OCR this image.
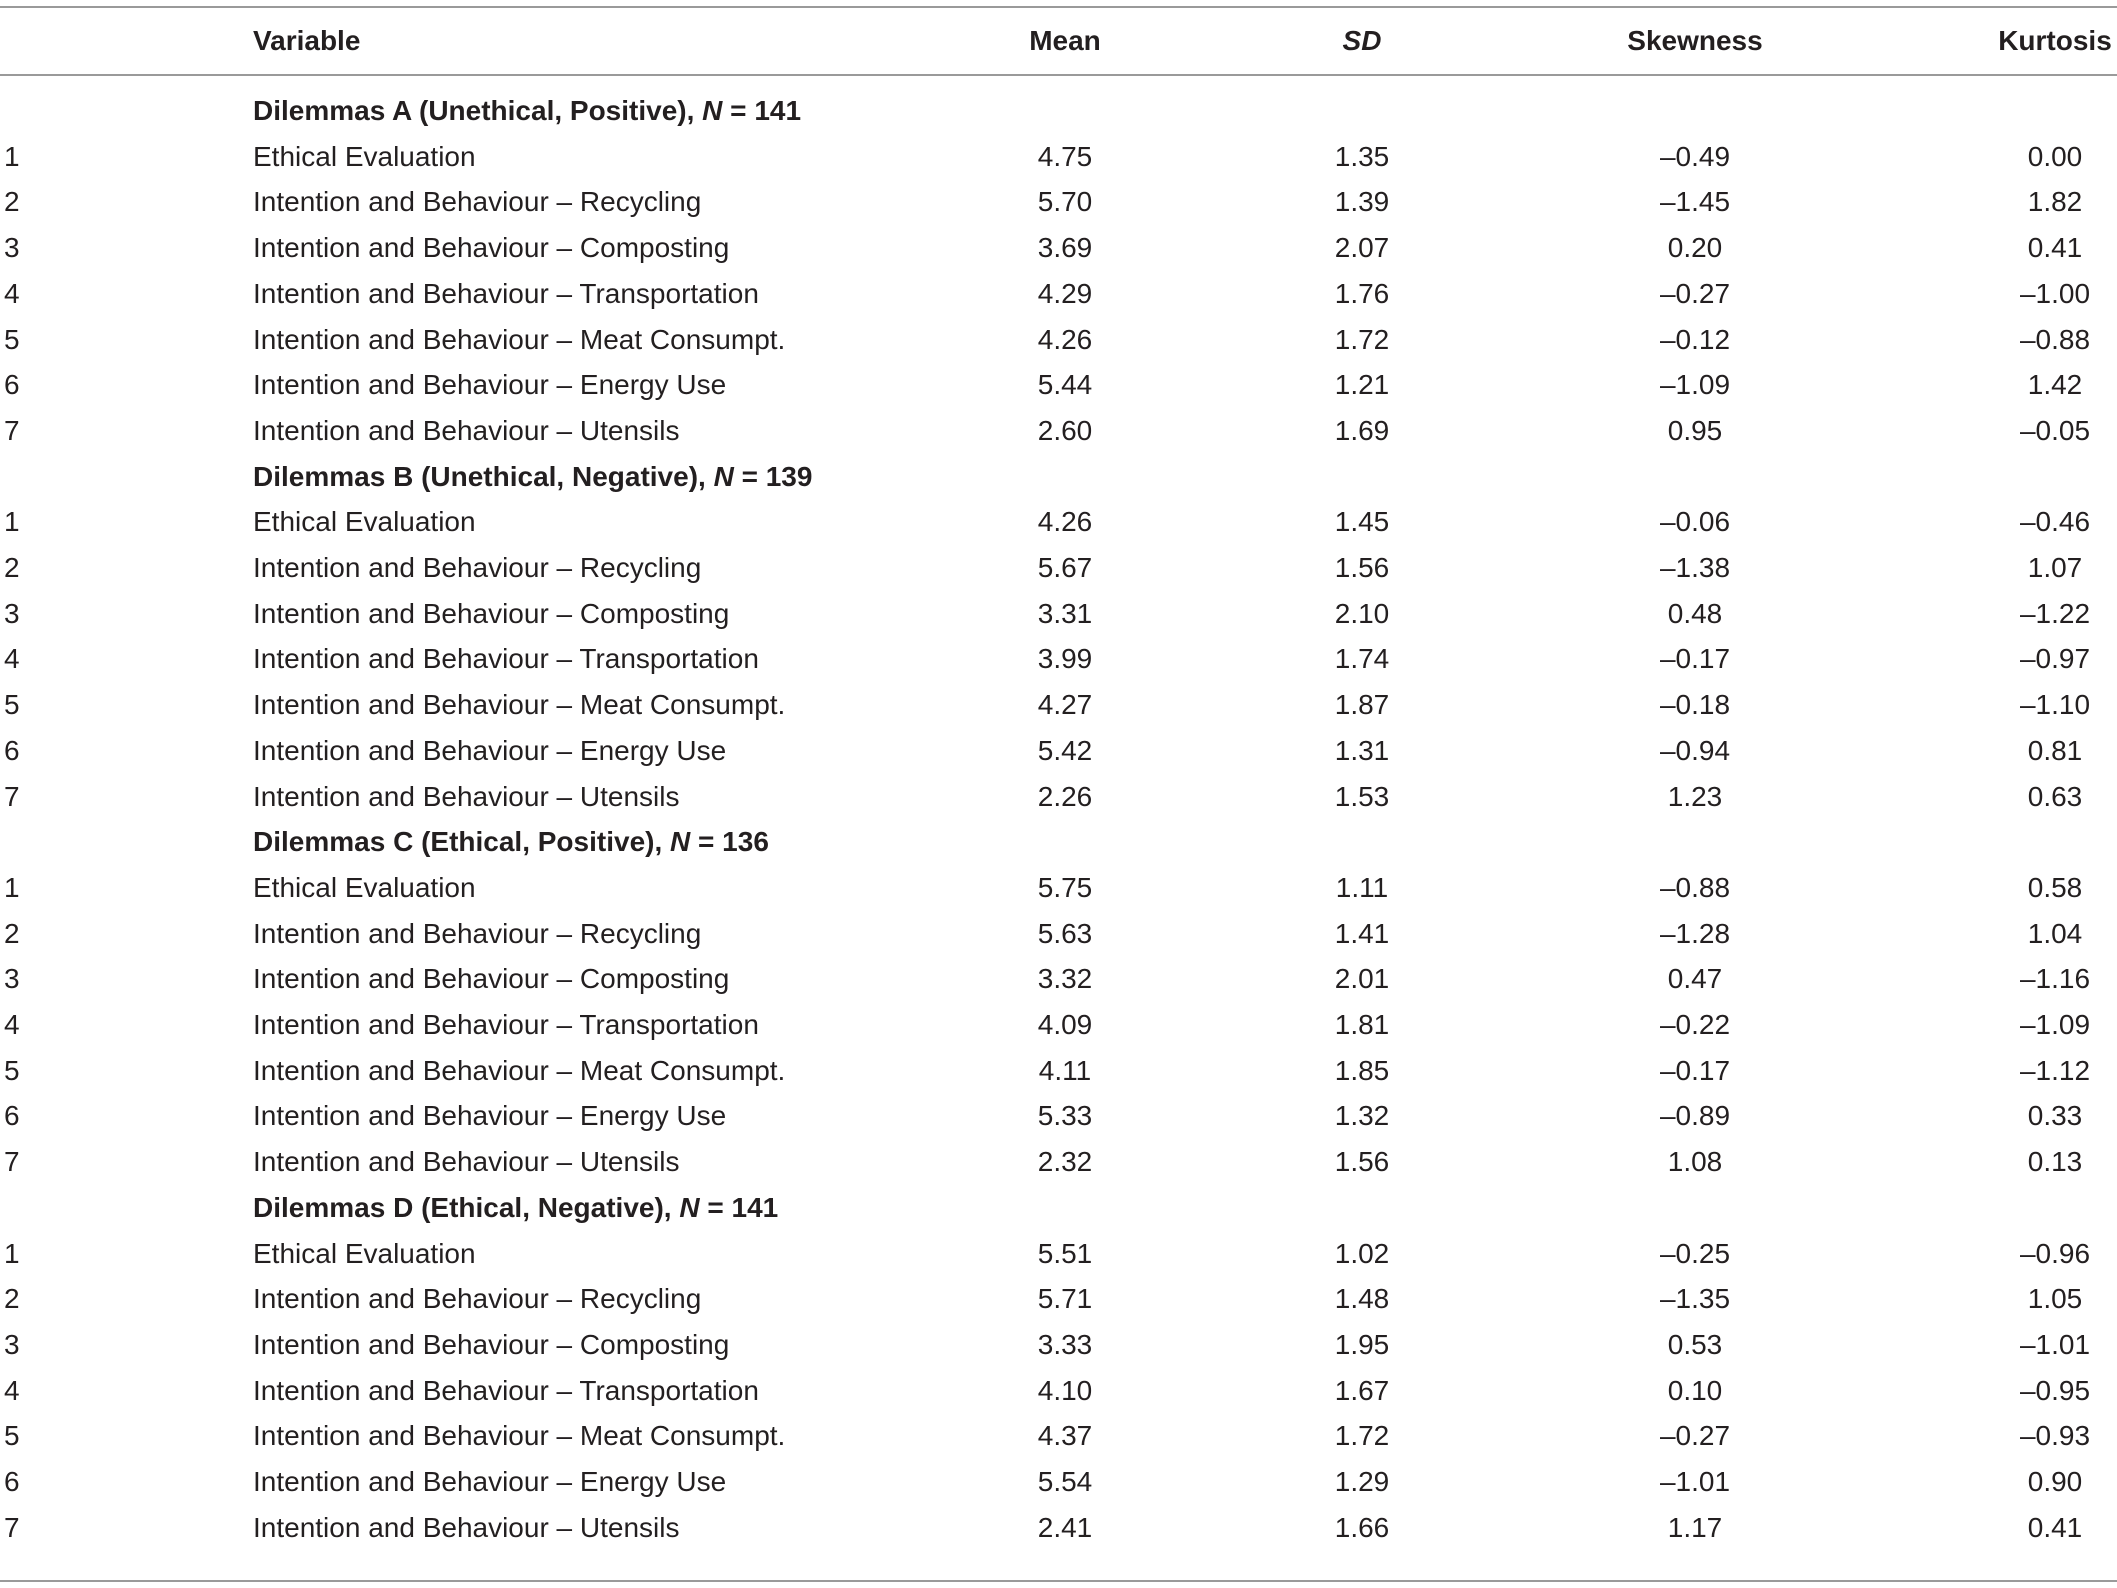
Variable	Mean	SD	Skewness	Kurtosis
Dilemmas A (Unethical, Positive), N = 141
1	Ethical Evaluation	4.75	1.35	–0.49	0.00
2	Intention and Behaviour – Recycling	5.70	1.39	–1.45	1.82
3	Intention and Behaviour – Composting	3.69	2.07	0.20	0.41
4	Intention and Behaviour – Transportation	4.29	1.76	–0.27	–1.00
5	Intention and Behaviour – Meat Consumpt.	4.26	1.72	–0.12	–0.88
6	Intention and Behaviour – Energy Use	5.44	1.21	–1.09	1.42
7	Intention and Behaviour – Utensils	2.60	1.69	0.95	–0.05
Dilemmas B (Unethical, Negative), N = 139
1	Ethical Evaluation	4.26	1.45	–0.06	–0.46
2	Intention and Behaviour – Recycling	5.67	1.56	–1.38	1.07
3	Intention and Behaviour – Composting	3.31	2.10	0.48	–1.22
4	Intention and Behaviour – Transportation	3.99	1.74	–0.17	–0.97
5	Intention and Behaviour – Meat Consumpt.	4.27	1.87	–0.18	–1.10
6	Intention and Behaviour – Energy Use	5.42	1.31	–0.94	0.81
7	Intention and Behaviour – Utensils	2.26	1.53	1.23	0.63
Dilemmas C (Ethical, Positive), N = 136
1	Ethical Evaluation	5.75	1.11	–0.88	0.58
2	Intention and Behaviour – Recycling	5.63	1.41	–1.28	1.04
3	Intention and Behaviour – Composting	3.32	2.01	0.47	–1.16
4	Intention and Behaviour – Transportation	4.09	1.81	–0.22	–1.09
5	Intention and Behaviour – Meat Consumpt.	4.11	1.85	–0.17	–1.12
6	Intention and Behaviour – Energy Use	5.33	1.32	–0.89	0.33
7	Intention and Behaviour – Utensils	2.32	1.56	1.08	0.13
Dilemmas D (Ethical, Negative), N = 141
1	Ethical Evaluation	5.51	1.02	–0.25	–0.96
2	Intention and Behaviour – Recycling	5.71	1.48	–1.35	1.05
3	Intention and Behaviour – Composting	3.33	1.95	0.53	–1.01
4	Intention and Behaviour – Transportation	4.10	1.67	0.10	–0.95
5	Intention and Behaviour – Meat Consumpt.	4.37	1.72	–0.27	–0.93
6	Intention and Behaviour – Energy Use	5.54	1.29	–1.01	0.90
7	Intention and Behaviour – Utensils	2.41	1.66	1.17	0.41
